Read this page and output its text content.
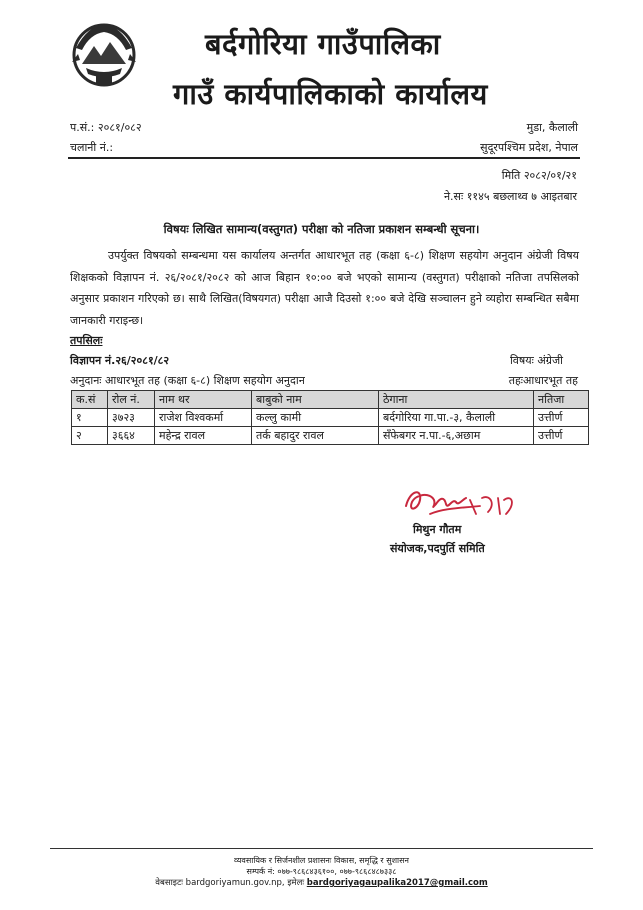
बर्दगोरिया गाउँपालिका
गाउँ कार्यपालिकाको कार्यालय
प.सं.: २०८१/०८२
चलानी नं.:
मुडा, कैलाली
सुदूरपश्चिम प्रदेश, नेपाल
मिति २०८२/०१/२१
ने.सः ११४५ बछलाथ्व ७ आइतबार
विषयः लिखित सामान्य(वस्तुगत) परीक्षा को नतिजा प्रकाशन सम्बन्धी सूचना।
उपर्युक्त विषयको सम्बन्धमा यस कार्यालय अन्तर्गत आधारभूत तह (कक्षा ६-८) शिक्षण सहयोग अनुदान अंग्रेजी विषय शिक्षकको विज्ञापन नं. २६/२०८१/२०८२ को आज बिहान १०:०० बजे भएको सामान्य (वस्तुगत) परीक्षाको नतिजा तपसिलको अनुसार प्रकाशन गरिएको छ। साथै लिखित(विषयगत) परीक्षा आजै दिउसो १:०० बजे देखि सञ्चालन हुने व्यहोरा सम्बन्धित सबैमा जानकारी गराइन्छ।
तपसिलः
विज्ञापन नं.२६/२०८१/८२	विषयः अंग्रेजी
अनुदानः आधारभूत तह (कक्षा ६-८) शिक्षण सहयोग अनुदान	तहःआधारभूत तह
क.सं	रोल नं.	नाम थर	बाबुको नाम	ठेगाना	नतिजा
१	३७२३	राजेश विश्वकर्मा	कल्लु कामी	बर्दगोरिया गा.पा.-३, कैलाली	उत्तीर्ण
२	३६६४	महेन्द्र रावल	तर्क बहादुर रावल	सँफेबगर न.पा.-६,अछाम	उत्तीर्ण
मिथुन गौतम
संयोजक,पदपुर्ति समिति
व्यवसायिक र सिर्जनशील प्रशासनः विकास, समृद्धि र सुशासन
सम्पर्क नं: ०७७-९८६८४३६१००, ०७७-९८६८४८७३३८
वेबसाइटः bardgoriyamun.gov.np, इमेलः bardgoriyagaupalika2017@gmail.com
